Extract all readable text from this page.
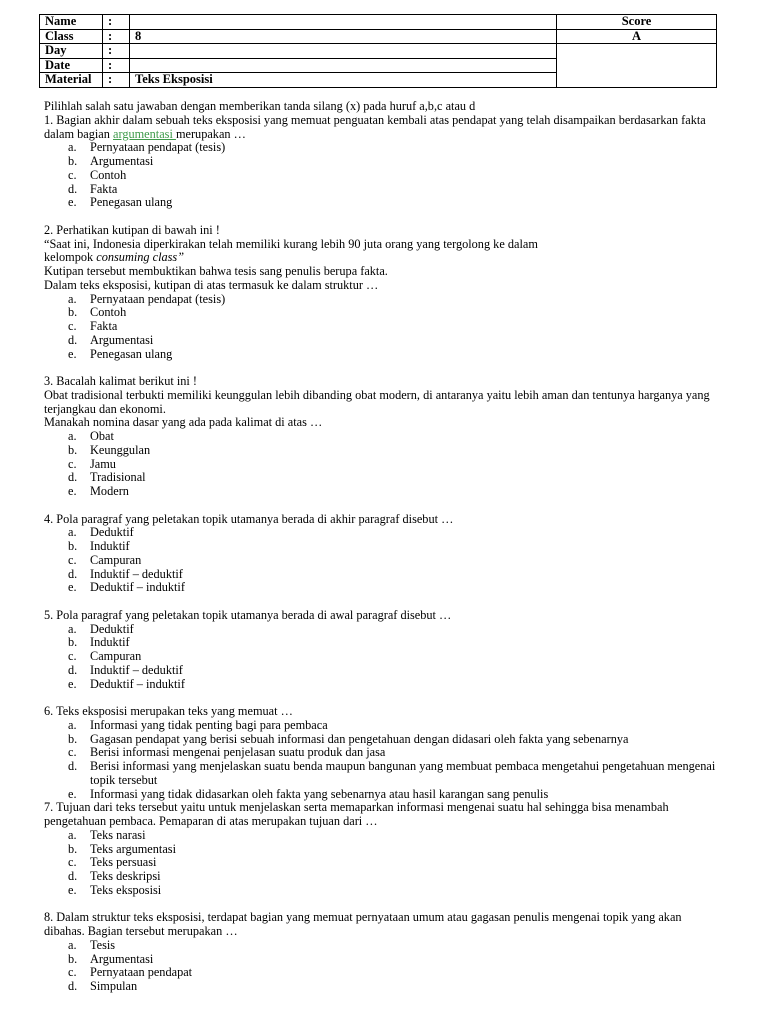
Name	:		Score
Class	:	8	A
Day	:		
Date	:		
Material	:	Teks Eksposisi	

Pilihlah salah satu jawaban dengan memberikan tanda silang (x) pada huruf a,b,c atau d

1. Bagian akhir dalam sebuah teks eksposisi yang memuat penguatan kembali atas pendapat yang telah disampaikan berdasarkan fakta dalam bagian argumentasi merupakan …

a. Pernyataan pendapat (tesis)
b. Argumentasi
c. Contoh
d. Fakta
e. Penegasan ulang

2. Perhatikan kutipan di bawah ini !

“Saat ini, Indonesia diperkirakan telah memiliki kurang lebih 90 juta orang yang tergolong ke dalam

kelompok consuming class”

Kutipan tersebut membuktikan bahwa tesis sang penulis berupa fakta.

Dalam teks eksposisi, kutipan di atas termasuk ke dalam struktur …

a. Pernyataan pendapat (tesis)
b. Contoh
c. Fakta
d. Argumentasi
e. Penegasan ulang

3. Bacalah kalimat berikut ini !

Obat tradisional terbukti memiliki keunggulan lebih dibanding obat modern, di antaranya yaitu lebih aman dan tentunya harganya yang terjangkau dan ekonomi.

Manakah nomina dasar yang ada pada kalimat di atas …

a. Obat
b. Keunggulan
c. Jamu
d. Tradisional
e. Modern

4. Pola paragraf yang peletakan topik utamanya berada di akhir paragraf disebut …

a. Deduktif
b. Induktif
c. Campuran
d. Induktif – deduktif
e. Deduktif – induktif

5. Pola paragraf yang peletakan topik utamanya berada di awal paragraf disebut …

a. Deduktif
b. Induktif
c. Campuran
d. Induktif – deduktif
e. Deduktif – induktif

6. Teks eksposisi merupakan teks yang memuat …

a. Informasi yang tidak penting bagi para pembaca
b. Gagasan pendapat yang berisi sebuah informasi dan pengetahuan dengan didasari oleh fakta yang sebenarnya
c. Berisi informasi mengenai penjelasan suatu produk dan jasa
d. Berisi informasi yang menjelaskan suatu benda maupun bangunan yang membuat pembaca mengetahui pengetahuan mengenai topik tersebut
e. Informasi yang tidak didasarkan oleh fakta yang sebenarnya atau hasil karangan sang penulis

7. Tujuan dari teks tersebut yaitu untuk menjelaskan serta memaparkan informasi mengenai suatu hal sehingga bisa menambah pengetahuan pembaca. Pemaparan di atas merupakan tujuan dari …

a. Teks narasi
b. Teks argumentasi
c. Teks persuasi
d. Teks deskripsi
e. Teks eksposisi

8. Dalam struktur teks eksposisi, terdapat bagian yang memuat pernyataan umum atau gagasan penulis mengenai topik yang akan dibahas. Bagian tersebut merupakan …

a. Tesis
b. Argumentasi
c. Pernyataan pendapat
d. Simpulan
